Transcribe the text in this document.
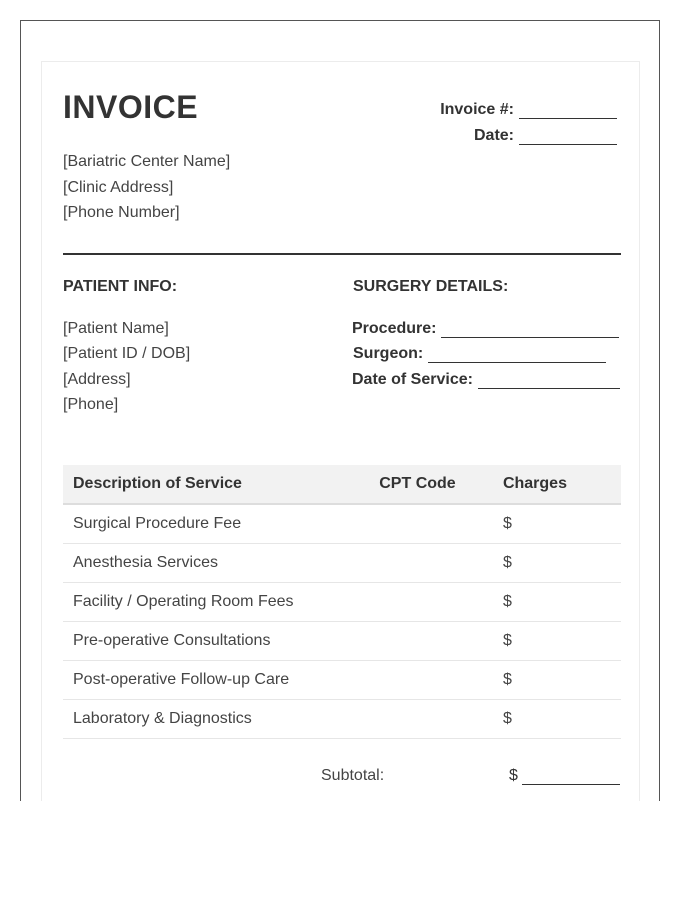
INVOICE	Invoice #:
Date:
[Bariatric Center Name]
[Clinic Address]
[Phone Number]
PATIENT INFO:
[Patient Name]
[Patient ID / DOB]
[Address]
[Phone]
SURGERY DETAILS:
Procedure:
Surgeon:
Date of Service:
Description of Service	CPT Code	Charges
Surgical Procedure Fee		$
Anesthesia Services		$
Facility / Operating Room Fees		$
Pre-operative Consultations		$
Post-operative Follow-up Care		$
Laboratory & Diagnostics		$
Subtotal:	$
